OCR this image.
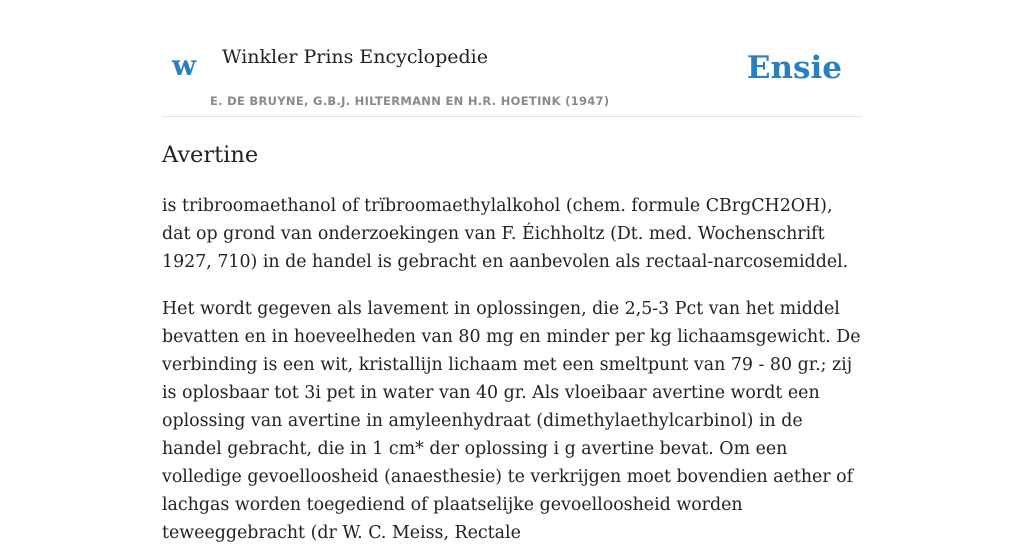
w Winkler Prins Encyclopedie
E. DE BRUYNE, G.B.J. HILTERMANN EN H.R. HOETINK (1947)
Ensie
Avertine

is tribroomaethanol of trïbroomaethylalkohol (chem. formule CBrgCH2OH), dat op grond van onderzoekingen van F. Éichholtz (Dt. med. Wochenschrift 1927, 710) in de handel is gebracht en aanbevolen als rectaal-narcosemiddel.

Het wordt gegeven als lavement in oplossingen, die 2,5-3 Pct van het middel bevatten en in hoeveelheden van 80 mg en minder per kg lichaamsgewicht. De verbinding is een wit, kristallijn lichaam met een smeltpunt van 79 - 80 gr.; zij is oplosbaar tot 3i pet in water van 40 gr. Als vloeibaar avertine wordt een oplossing van avertine in amyleenhydraat (dimethylaethylcarbinol) in de handel gebracht, die in 1 cm* der oplossing i g avertine bevat. Om een volledige gevoelloosheid (anaesthesie) te verkrijgen moet bovendien aether of lachgas worden toegediend of plaatselijke gevoelloosheid worden teweeggebracht (dr W. C. Meiss, Rectale
